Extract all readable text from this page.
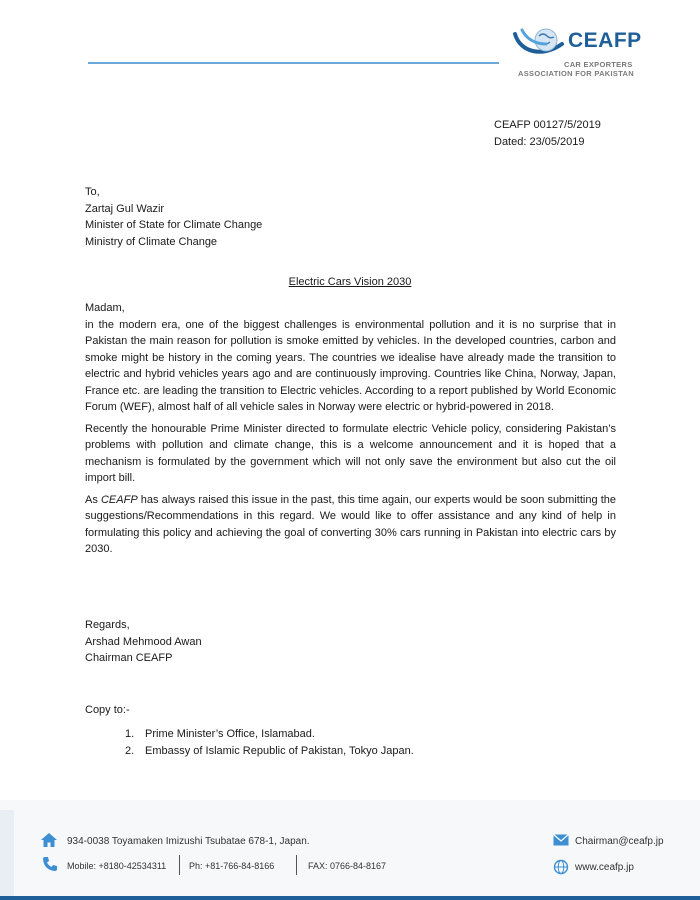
CEAFP
CAR EXPORTERS
ASSOCIATION FOR PAKISTAN
CEAFP 00127/5/2019
Dated: 23/05/2019
To,
Zartaj Gul Wazir
Minister of State for Climate Change
Ministry of Climate Change
Electric Cars Vision 2030

Madam,

in the modern era, one of the biggest challenges is environmental pollution and it is no surprise that in Pakistan the main reason for pollution is smoke emitted by vehicles. In the developed countries, carbon and smoke might be history in the coming years. The countries we idealise have already made the transition to electric and hybrid vehicles years ago and are continuously improving. Countries like China, Norway, Japan, France etc. are leading the transition to Electric vehicles. According to a report published by World Economic Forum (WEF), almost half of all vehicle sales in Norway were electric or hybrid-powered in 2018.

Recently the honourable Prime Minister directed to formulate electric Vehicle policy, considering Pakistan’s problems with pollution and climate change, this is a welcome announcement and it is hoped that a mechanism is formulated by the government which will not only save the environment but also cut the oil import bill.

As CEAFP has always raised this issue in the past, this time again, our experts would be soon submitting the suggestions/Recommendations in this regard. We would like to offer assistance and any kind of help in formulating this policy and achieving the goal of converting 30% cars running in Pakistan into electric cars by 2030.

Regards,
Arshad Mehmood Awan
Chairman CEAFP
Copy to:-
1. Prime Minister’s Office, Islamabad.
2. Embassy of Islamic Republic of Pakistan, Tokyo Japan.
934-0038 Toyamaken Imizushi Tsubatae 678-1, Japan.
Mobile: +8180-42534311	Ph: +81-766-84-8166	FAX: 0766-84-8167
Chairman@ceafp.jp
www.ceafp.jp
